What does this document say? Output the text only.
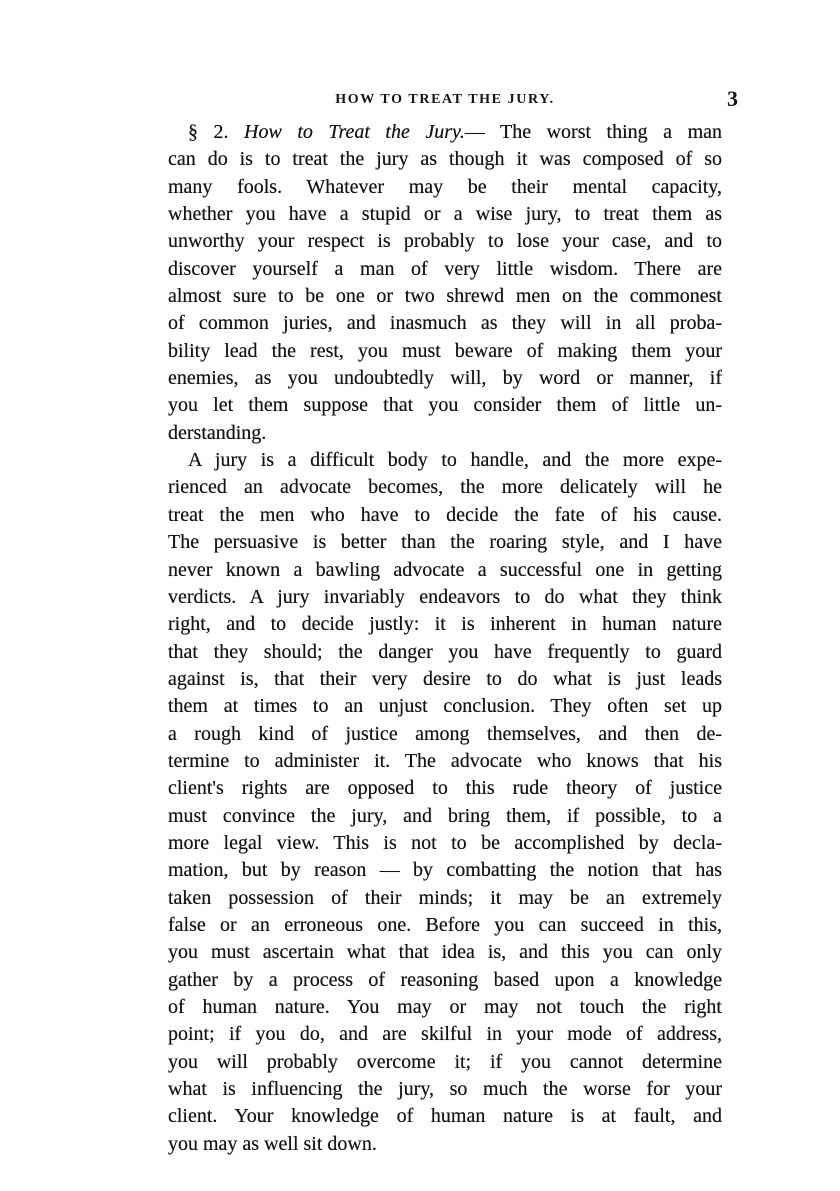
HOW TO TREAT THE JURY.	3
§ 2. How to Treat the Jury.— The worst thing a man
can do is to treat the jury as though it was composed of so
many fools. Whatever may be their mental capacity,
whether you have a stupid or a wise jury, to treat them as
unworthy your respect is probably to lose your case, and to
discover yourself a man of very little wisdom. There are
almost sure to be one or two shrewd men on the commonest
of common juries, and inasmuch as they will in all proba-
bility lead the rest, you must beware of making them your
enemies, as you undoubtedly will, by word or manner, if
you let them suppose that you consider them of little un-
derstanding.
A jury is a difficult body to handle, and the more expe-
rienced an advocate becomes, the more delicately will he
treat the men who have to decide the fate of his cause.
The persuasive is better than the roaring style, and I have
never known a bawling advocate a successful one in getting
verdicts. A jury invariably endeavors to do what they think
right, and to decide justly: it is inherent in human nature
that they should; the danger you have frequently to guard
against is, that their very desire to do what is just leads
them at times to an unjust conclusion. They often set up
a rough kind of justice among themselves, and then de-
termine to administer it. The advocate who knows that his
client's rights are opposed to this rude theory of justice
must convince the jury, and bring them, if possible, to a
more legal view. This is not to be accomplished by decla-
mation, but by reason — by combatting the notion that has
taken possession of their minds; it may be an extremely
false or an erroneous one. Before you can succeed in this,
you must ascertain what that idea is, and this you can only
gather by a process of reasoning based upon a knowledge
of human nature. You may or may not touch the right
point; if you do, and are skilful in your mode of address,
you will probably overcome it; if you cannot determine
what is influencing the jury, so much the worse for your
client. Your knowledge of human nature is at fault, and
you may as well sit down.
